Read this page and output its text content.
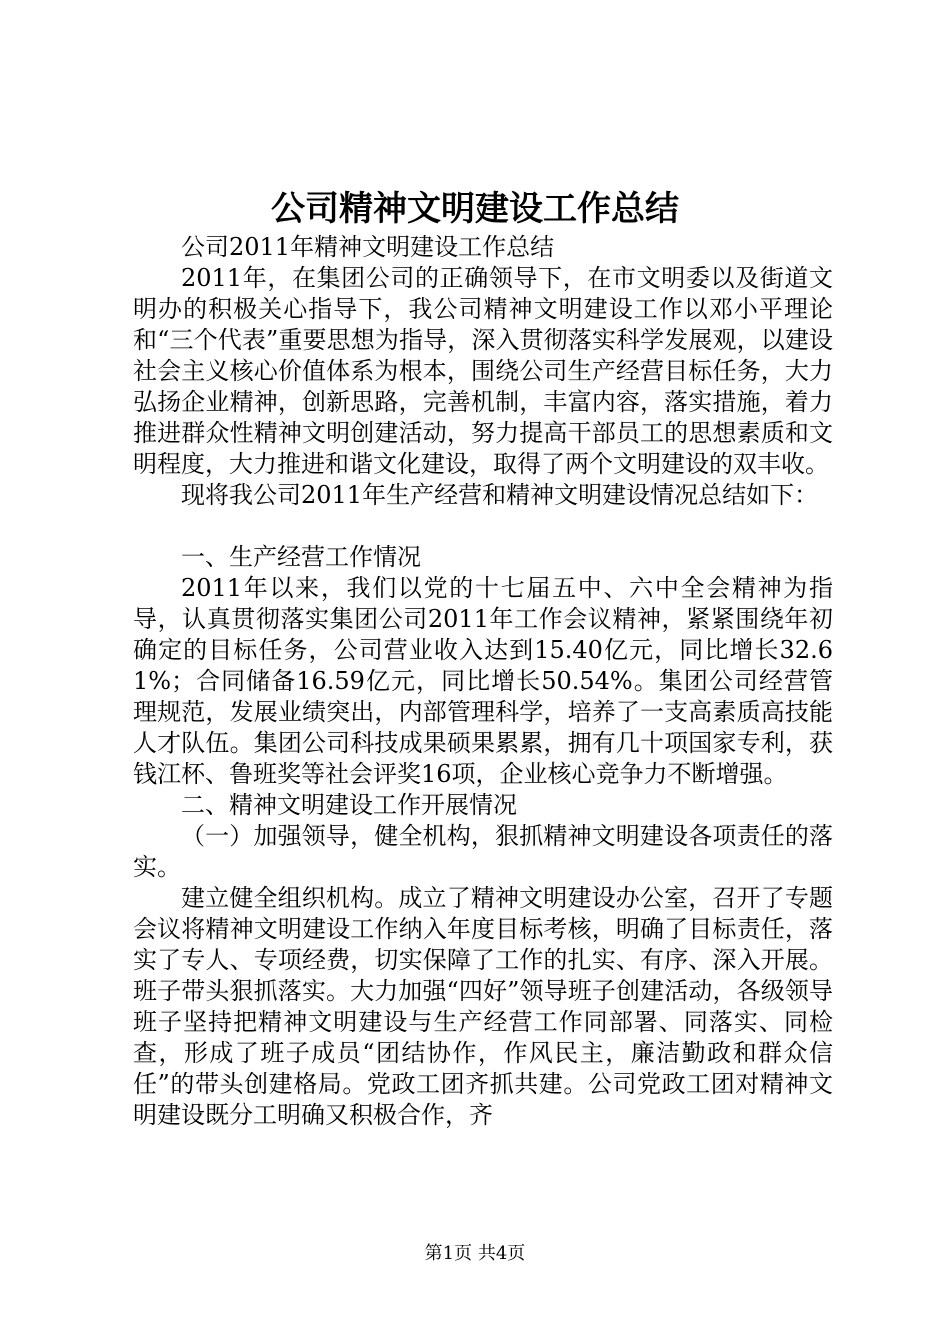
公司精神文明建设工作总结

公司2011年精神文明建设工作总结

2011年，在集团公司的正确领导下，在市文明委以及街道文明办的积极关心指导下，我公司精神文明建设工作以邓小平理论和“三个代表”重要思想为指导，深入贯彻落实科学发展观，以建设社会主义核心价值体系为根本，围绕公司生产经营目标任务，大力弘扬企业精神，创新思路，完善机制，丰富内容，落实措施，着力推进群众性精神文明创建活动，努力提高干部员工的思想素质和文明程度，大力推进和谐文化建设，取得了两个文明建设的双丰收。

现将我公司2011年生产经营和精神文明建设情况总结如下：

一、生产经营工作情况

2011年以来，我们以党的十七届五中、六中全会精神为指导，认真贯彻落实集团公司2011年工作会议精神，紧紧围绕年初确定的目标任务，公司营业收入达到15.40亿元，同比增长32.61%；合同储备16.59亿元，同比增长50.54%。集团公司经营管理规范，发展业绩突出，内部管理科学，培养了一支高素质高技能人才队伍。集团公司科技成果硕果累累，拥有几十项国家专利，获钱江杯、鲁班奖等社会评奖16项，企业核心竞争力不断增强。

二、精神文明建设工作开展情况

（一）加强领导，健全机构，狠抓精神文明建设各项责任的落实。

建立健全组织机构。成立了精神文明建设办公室，召开了专题会议将精神文明建设工作纳入年度目标考核，明确了目标责任，落实了专人、专项经费，切实保障了工作的扎实、有序、深入开展。班子带头狠抓落实。大力加强“四好”领导班子创建活动，各级领导班子坚持把精神文明建设与生产经营工作同部署、同落实、同检查，形成了班子成员“团结协作，作风民主，廉洁勤政和群众信任”的带头创建格局。党政工团齐抓共建。公司党政工团对精神文明建设既分工明确又积极合作，齐

第1页 共4页
